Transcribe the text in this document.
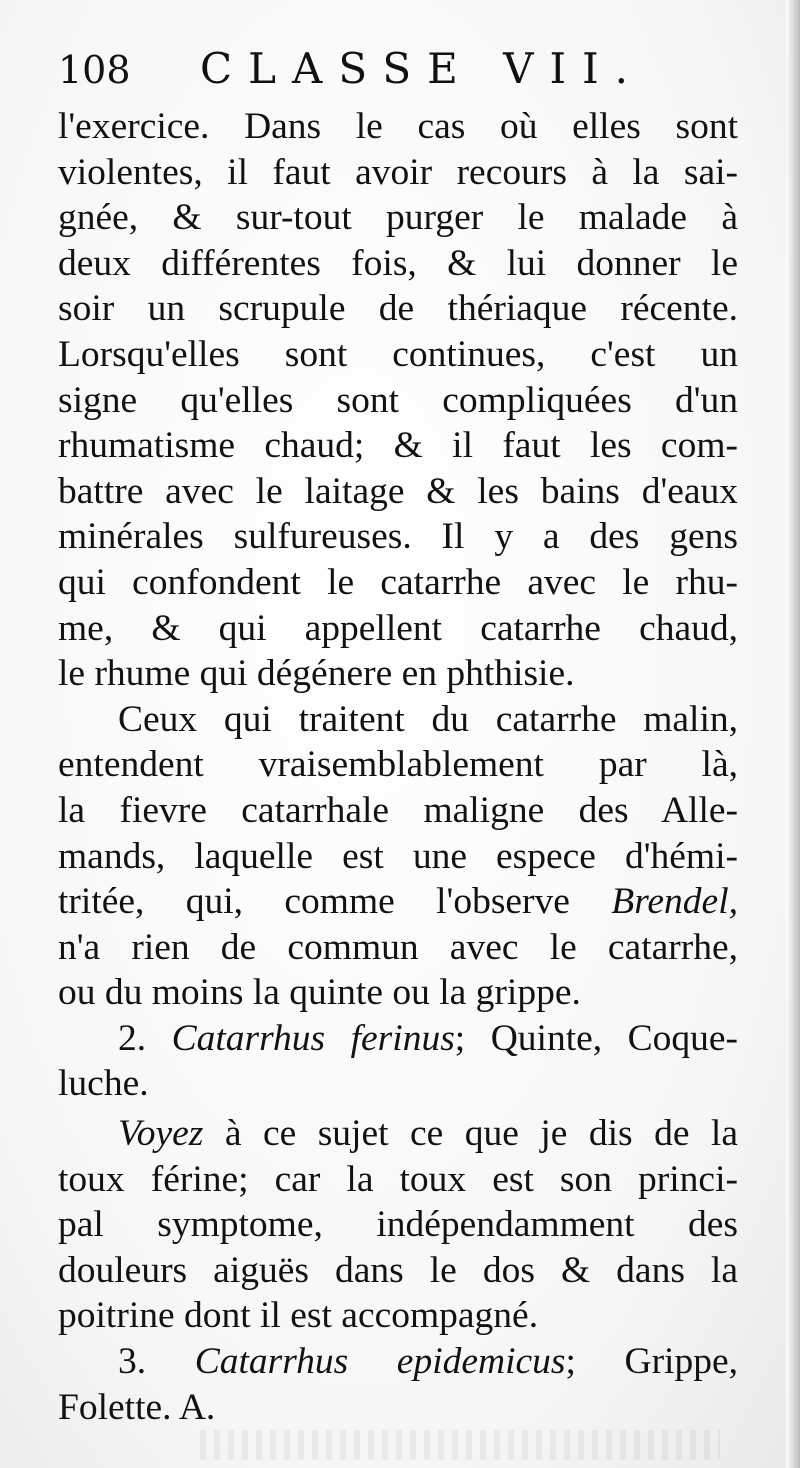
108 CLASSE VII.
l'exercice. Dans le cas où elles sont
violentes, il faut avoir recours à la sai-
gnée, & sur-tout purger le malade à
deux différentes fois, & lui donner le
soir un scrupule de thériaque récente.
Lorsqu'elles sont continues, c'est un
signe qu'elles sont compliquées d'un
rhumatisme chaud; & il faut les com-
battre avec le laitage & les bains d'eaux
minérales sulfureuses. Il y a des gens
qui confondent le catarrhe avec le rhu-
me, & qui appellent catarrhe chaud,
le rhume qui dégénere en phthisie.
Ceux qui traitent du catarrhe malin,
entendent vraisemblablement par là,
la fievre catarrhale maligne des Alle-
mands, laquelle est une espece d'hémi-
tritée, qui, comme l'observe Brendel,
n'a rien de commun avec le catarrhe,
ou du moins la quinte ou la grippe.
2. Catarrhus ferinus; Quinte, Coque-
luche.
Voyez à ce sujet ce que je dis de la
toux férine; car la toux est son princi-
pal symptome, indépendamment des
douleurs aiguës dans le dos & dans la
poitrine dont il est accompagné.
3. Catarrhus epidemicus; Grippe,
Folette. A.
